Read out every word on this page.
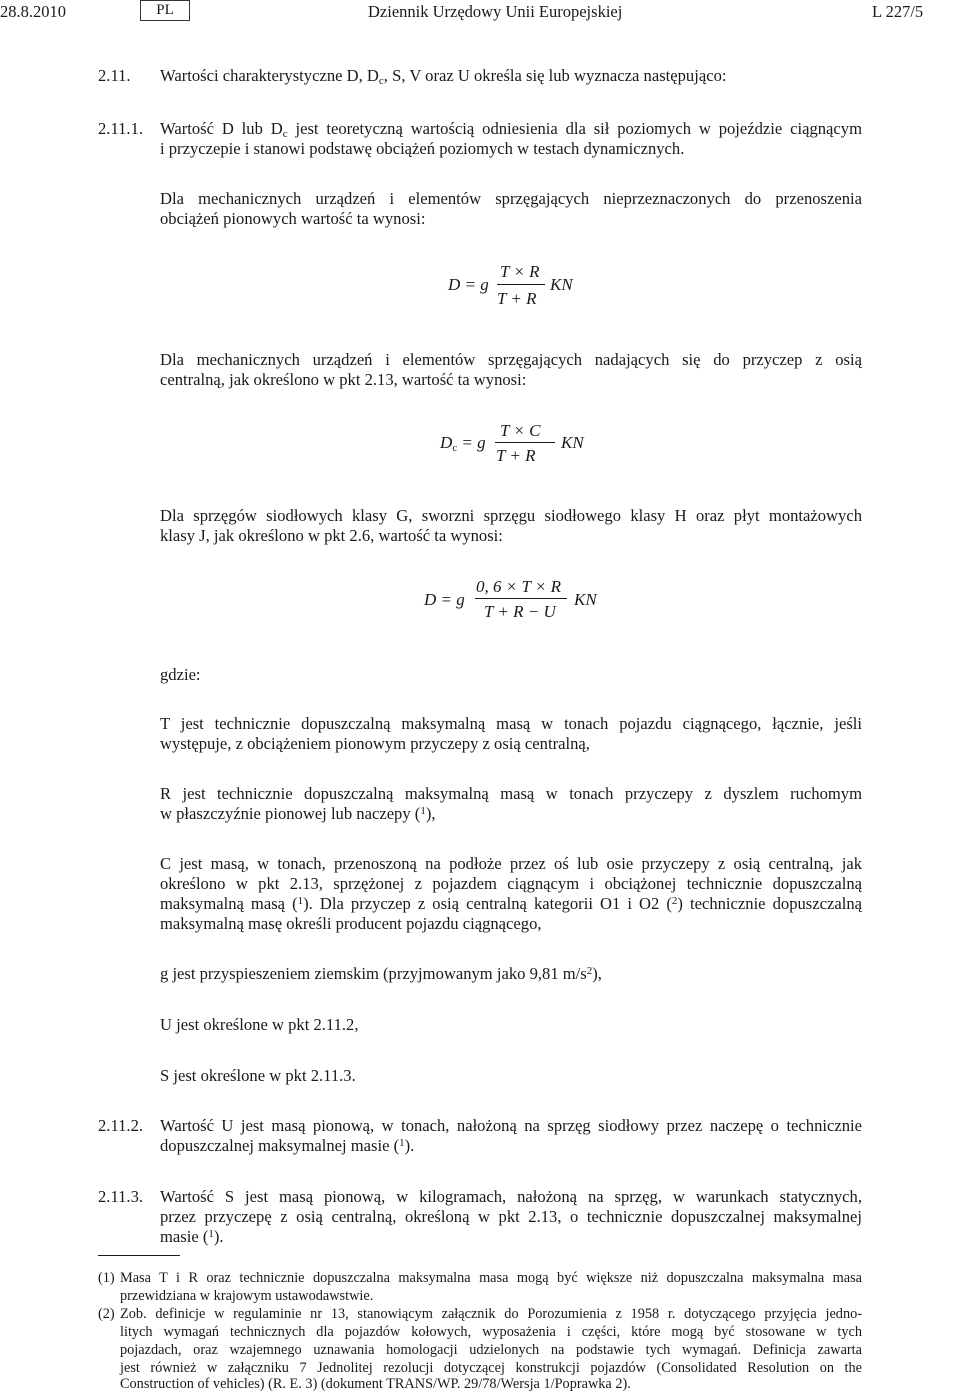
28.8.2010	PL	Dziennik Urzędowy Unii Europejskiej	L 227/5
2.11. Wartości charakterystyczne D, $D_c$, S, V oraz U określa się lub wyznacza następująco:
2.11.1. Wartość D lub $D_c$ jest teoretyczną wartością odniesienia dla sił poziomych w pojeździe ciągnącym
i przyczepie i stanowi podstawę obciążeń poziomych w testach dynamicznych.
Dla mechanicznych urządzeń i elementów sprzęgających nieprzeznaczonych do przenoszenia
obciążeń pionowych wartość ta wynosi:
D = g
T × R
T + R
KN
Dla mechanicznych urządzeń i elementów sprzęgających nadających się do przyczep z osią
centralną, jak określono w pkt 2.13, wartość ta wynosi:
$D_c = g$
T × C
T + R
KN
Dla sprzęgów siodłowych klasy G, sworzni sprzęgu siodłowego klasy H oraz płyt montażowych
klasy J, jak określono w pkt 2.6, wartość ta wynosi:
D = g
0, 6 × T × R
T + R − U
KN
gdzie:
T jest technicznie dopuszczalną maksymalną masą w tonach pojazdu ciągnącego, łącznie, jeśli
występuje, z obciążeniem pionowym przyczepy z osią centralną,
R jest technicznie dopuszczalną maksymalną masą w tonach przyczepy z dyszlem ruchomym
w płaszczyźnie pionowej lub naczepy ($^1$),
C jest masą, w tonach, przenoszoną na podłoże przez oś lub osie przyczepy z osią centralną, jak
określono w pkt 2.13, sprzężonej z pojazdem ciągnącym i obciążonej technicznie dopuszczalną
maksymalną masą ($^1$). Dla przyczep z osią centralną kategorii O1 i O2 ($^2$) technicznie dopuszczalną
maksymalną masę określi producent pojazdu ciągnącego,
g jest przyspieszeniem ziemskim (przyjmowanym jako 9,81 $m/s^2$),
U jest określone w pkt 2.11.2,
S jest określone w pkt 2.11.3.
2.11.2. Wartość U jest masą pionową, w tonach, nałożoną na sprzęg siodłowy przez naczepę o technicznie
dopuszczalnej maksymalnej masie ($^1$).
2.11.3. Wartość S jest masą pionową, w kilogramach, nałożoną na sprzęg, w warunkach statycznych,
przez przyczepę z osią centralną, określoną w pkt 2.13, o technicznie dopuszczalnej maksymalnej
masie ($^1$).
(1) Masa T i R oraz technicznie dopuszczalna maksymalna masa mogą być większe niż dopuszczalna maksymalna masa
przewidziana w krajowym ustawodawstwie.
(2) Zob. definicje w regulaminie nr 13, stanowiącym załącznik do Porozumienia z 1958 r. dotyczącego przyjęcia jedno-
litych wymagań technicznych dla pojazdów kołowych, wyposażenia i części, które mogą być stosowane w tych
pojazdach, oraz wzajemnego uznawania homologacji udzielonych na podstawie tych wymagań. Definicja zawarta
jest również w załączniku 7 Jednolitej rezolucji dotyczącej konstrukcji pojazdów (Consolidated Resolution on the
Construction of vehicles) (R. E. 3) (dokument TRANS/WP. 29/78/Wersja 1/Poprawka 2).
